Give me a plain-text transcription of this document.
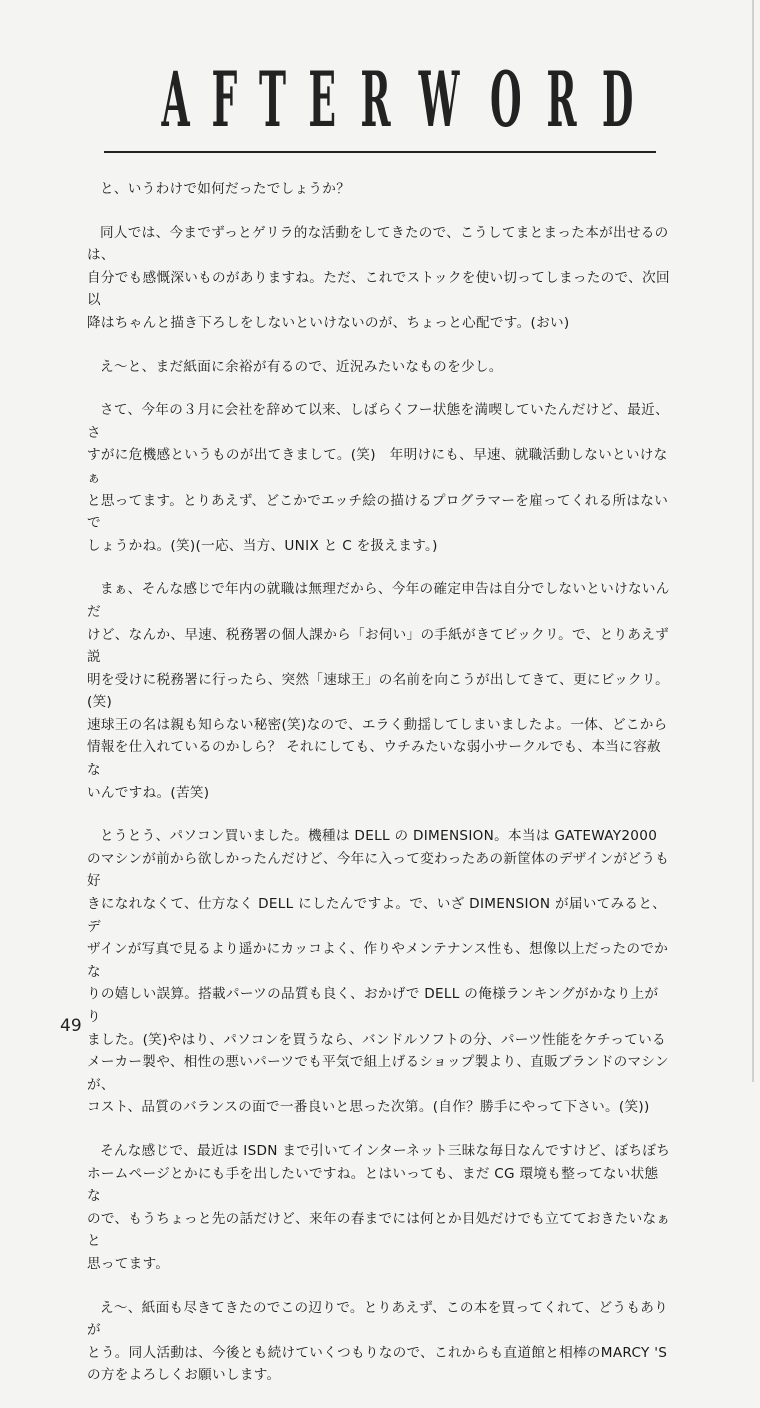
A F T E R W O R D

と、いうわけで如何だったでしょうか？

同人では、今までずっとゲリラ的な活動をしてきたので、こうしてまとまった本が出せるのは、
自分でも感慨深いものがありますね。ただ、これでストックを使い切ってしまったので、次回以
降はちゃんと描き下ろしをしないといけないのが、ちょっと心配です。(おい)

え～と、まだ紙面に余裕が有るので、近況みたいなものを少し。

さて、今年の３月に会社を辞めて以来、しばらくフー状態を満喫していたんだけど、最近、さ
すがに危機感というものが出てきまして。(笑)　年明けにも、早速、就職活動しないといけなぁ
と思ってます。とりあえず、どこかでエッチ絵の描けるプログラマーを雇ってくれる所はないで
しょうかね。(笑)(一応、当方、UNIX と C を扱えます。)

まぁ、そんな感じで年内の就職は無理だから、今年の確定申告は自分でしないといけないんだ
けど、なんか、早速、税務署の個人課から「お伺い」の手紙がきてビックリ。で、とりあえず説
明を受けに税務署に行ったら、突然「速球王」の名前を向こうが出してきて、更にビックリ。(笑)
速球王の名は親も知らない秘密(笑)なので、エラく動揺してしまいましたよ。一体、どこから
情報を仕入れているのかしら？ それにしても、ウチみたいな弱小サークルでも、本当に容赦な
いんですね。(苦笑)

とうとう、パソコン買いました。機種は DELL の DIMENSION。本当は GATEWAY2000
のマシンが前から欲しかったんだけど、今年に入って変わったあの新筐体のデザインがどうも好
きになれなくて、仕方なく DELL にしたんですよ。で、いざ DIMENSION が届いてみると、デ
ザインが写真で見るより遥かにカッコよく、作りやメンテナンス性も、想像以上だったのでかな
りの嬉しい誤算。搭載パーツの品質も良く、おかげで DELL の俺様ランキングがかなり上がり
ました。(笑)やはり、パソコンを買うなら、バンドルソフトの分、パーツ性能をケチっている
メーカー製や、相性の悪いパーツでも平気で組上げるショップ製より、直販ブランドのマシンが、
コスト、品質のバランスの面で一番良いと思った次第。(自作？勝手にやって下さい。(笑))

そんな感じで、最近は ISDN まで引いてインターネット三昧な毎日なんですけど、ぼちぼち
ホームページとかにも手を出したいですね。とはいっても、まだ CG 環境も整ってない状態な
ので、もうちょっと先の話だけど、来年の春までには何とか目処だけでも立てておきたいなぁと
思ってます。

え～、紙面も尽きてきたのでこの辺りで。とりあえず、この本を買ってくれて、どうもありが
とう。同人活動は、今後とも続けていくつもりなので、これからも直道館と相棒のMARCY 'S
の方をよろしくお願いします。

49
